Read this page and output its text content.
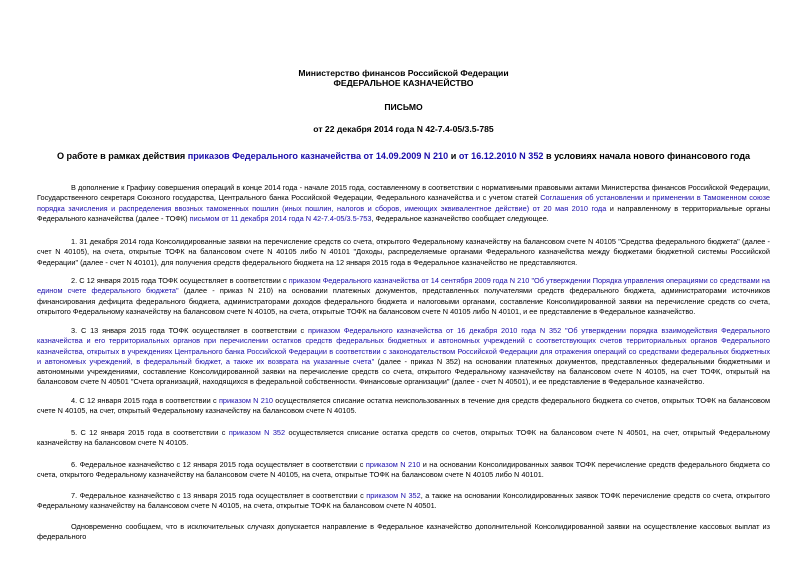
Министерство финансов Российской Федерации
ФЕДЕРАЛЬНОЕ КАЗНАЧЕЙСТВО
ПИСЬМО
от 22 декабря 2014 года N 42-7.4-05/3.5-785
О работе в рамках действия приказов Федерального казначейства от 14.09.2009 N 210 и от 16.12.2010 N 352 в условиях начала нового финансового года

В дополнение к Графику совершения операций в конце 2014 года - начале 2015 года, составленному в соответствии с нормативными правовыми актами Министерства финансов Российской Федерации, Государственного секретаря Союзного государства, Центрального банка Российской Федерации, Федерального казначейства и с учетом статей Соглашения об установлении и применении в Таможенном союзе порядка зачисления и распределения ввозных таможенных пошлин (иных пошлин, налогов и сборов, имеющих эквивалентное действие) от 20 мая 2010 года и направленному в территориальные органы Федерального казначейства (далее - ТОФК) письмом от 11 декабря 2014 года N 42-7.4-05/3.5-753, Федеральное казначейство сообщает следующее.

1. 31 декабря 2014 года Консолидированные заявки на перечисление средств со счета, открытого Федеральному казначейству на балансовом счете N 40105 "Средства федерального бюджета" (далее - счет N 40105), на счета, открытые ТОФК на балансовом счете N 40105 либо N 40101 "Доходы, распределяемые органами Федерального казначейства между бюджетами бюджетной системы Российской Федерации" (далее - счет N 40101), для получения средств федерального бюджета на 12 января 2015 года в Федеральное казначейство не представляются.

2. С 12 января 2015 года ТОФК осуществляет в соответствии с приказом Федерального казначейства от 14 сентября 2009 года N 210 "Об утверждении Порядка управления операциями со средствами на едином счете федерального бюджета" (далее - приказ N 210) на основании платежных документов, представленных получателями средств федерального бюджета, администраторами источников финансирования дефицита федерального бюджета, администраторами доходов федерального бюджета и налоговыми органами, составление Консолидированной заявки на перечисление средств со счета, открытого Федеральному казначейству на балансовом счете N 40105, на счета, открытые ТОФК на балансовом счете N 40105 либо N 40101, и ее представление в Федеральное казначейство.

3. С 13 января 2015 года ТОФК осуществляет в соответствии с приказом Федерального казначейства от 16 декабря 2010 года N 352 "Об утверждении порядка взаимодействия Федерального казначейства и его территориальных органов при перечислении остатков средств федеральных бюджетных и автономных учреждений с соответствующих счетов территориальных органов Федерального казначейства, открытых в учреждениях Центрального банка Российской Федерации в соответствии с законодательством Российской Федерации для отражения операций со средствами федеральных бюджетных и автономных учреждений, в федеральный бюджет, а также их возврата на указанные счета" (далее - приказ N 352) на основании платежных документов, представленных федеральными бюджетными и автономными учреждениями, составление Консолидированной заявки на перечисление средств со счета, открытого Федеральному казначейству на балансовом счете N 40105, на счет ТОФК, открытый на балансовом счете N 40501 "Счета организаций, находящихся в федеральной собственности. Финансовые организации" (далее - счет N 40501), и ее представление в Федеральное казначейство.

4. С 12 января 2015 года в соответствии с приказом N 210 осуществляется списание остатка неиспользованных в течение дня средств федерального бюджета со счетов, открытых ТОФК на балансовом счете N 40105, на счет, открытый Федеральному казначейству на балансовом счете N 40105.

5. С 12 января 2015 года в соответствии с приказом N 352 осуществляется списание остатка средств со счетов, открытых ТОФК на балансовом счете N 40501, на счет, открытый Федеральному казначейству на балансовом счете N 40105.

6. Федеральное казначейство с 12 января 2015 года осуществляет в соответствии с приказом N 210 и на основании Консолидированных заявок ТОФК перечисление средств федерального бюджета со счета, открытого Федеральному казначейству на балансовом счете N 40105, на счета, открытые ТОФК на балансовом счете N 40105 либо N 40101.

7. Федеральное казначейство с 13 января 2015 года осуществляет в соответствии с приказом N 352, а также на основании Консолидированных заявок ТОФК перечисление средств со счета, открытого Федеральному казначейству на балансовом счете N 40105, на счета, открытые ТОФК на балансовом счете N 40501.

Одновременно сообщаем, что в исключительных случаях допускается направление в Федеральное казначейство дополнительной Консолидированной заявки на осуществление кассовых выплат из федерального
